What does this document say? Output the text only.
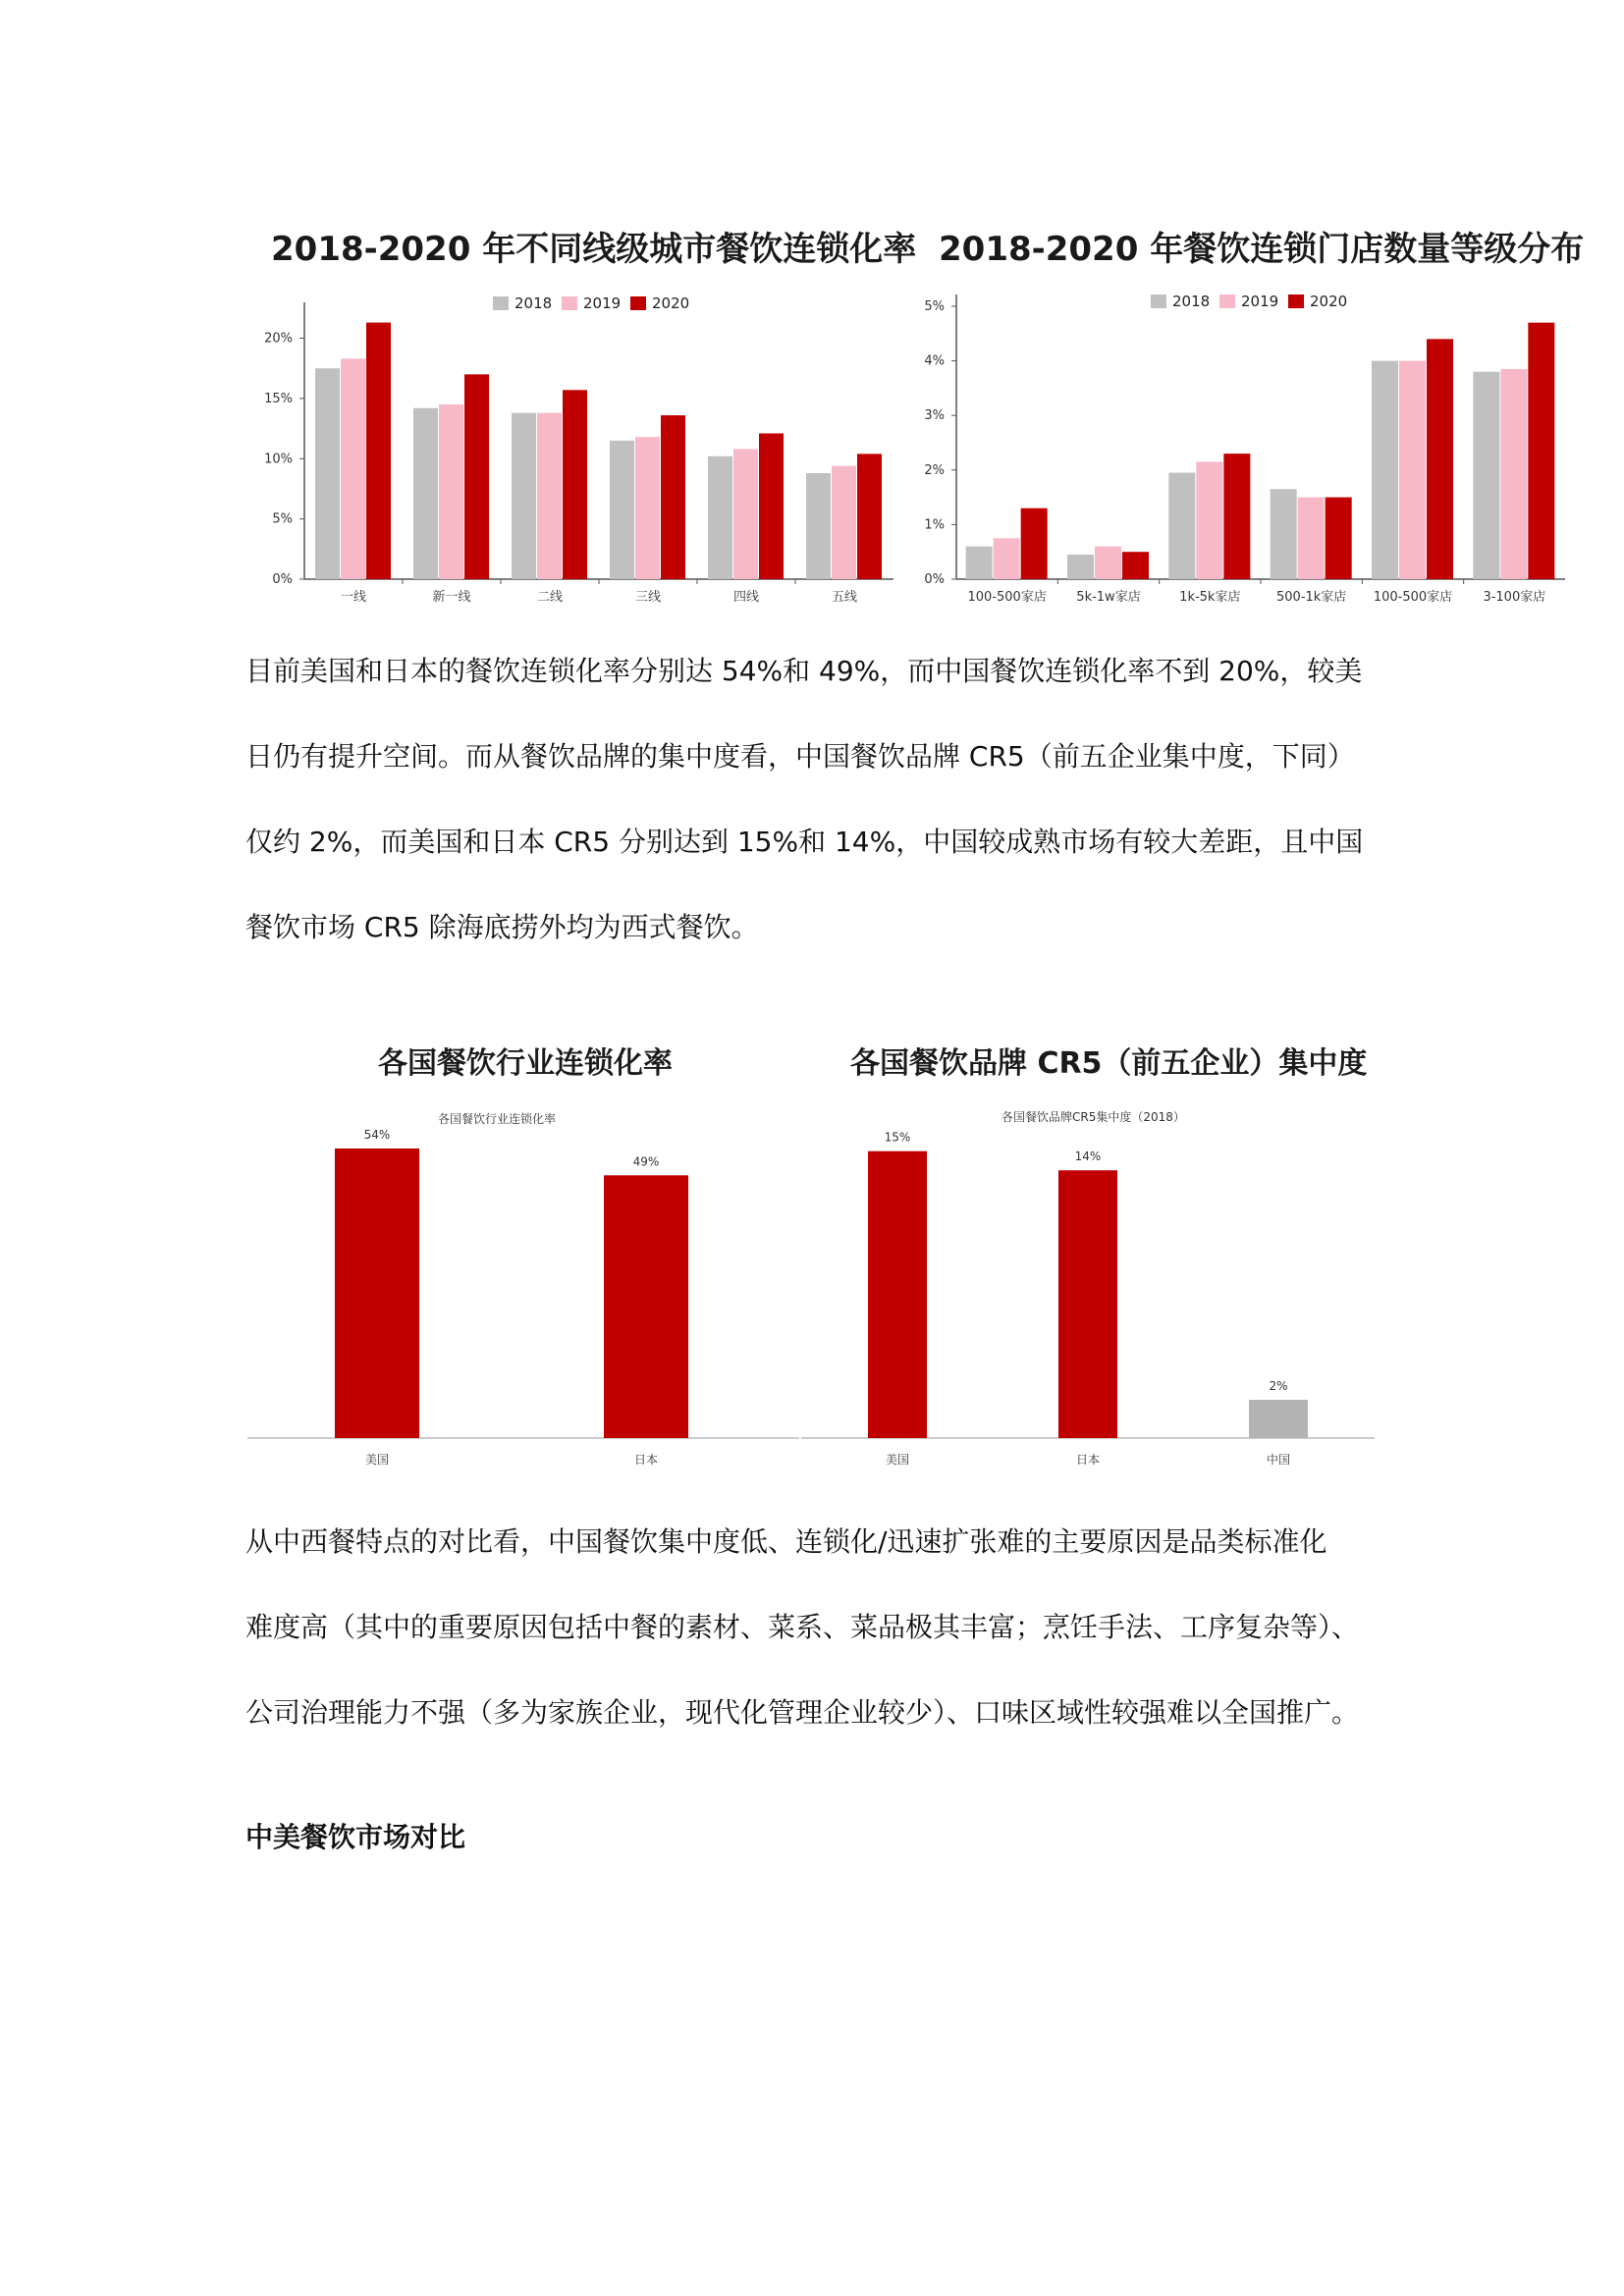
2018-2020 年不同线级城市餐饮连锁化率 2018-2020 年餐饮连锁门店数量等级分布
各国餐饮行业连锁化率	各国餐饮品牌 CR5（前五企业）集中度
2018 2019 2020
0%
5%
10%
15%
20%
一线	新一线	二线	三线	四线	五线
2018 2019 2020
0%
1%
2%
3%
4%
5%
100-500家店 5k-1w家店	1k-5k家店	500-1k家店 100-500家店 3-100家店
各国餐饮行业连锁化率
54%
美国
49%
日本
各国餐饮品牌CR5集中度（2018）
15%
美国
14%
日本
2%
中国

目前美国和日本的餐饮连锁化率分别达 54%和 49%，而中国餐饮连锁化率不到 20%，较美
日仍有提升空间。而从餐饮品牌的集中度看，中国餐饮品牌 CR5（前五企业集中度，下同）
仅约 2%，而美国和日本 CR5 分别达到 15%和 14%，中国较成熟市场有较大差距，且中国
餐饮市场 CR5 除海底捞外均为西式餐饮。

从中西餐特点的对比看，中国餐饮集中度低、连锁化/迅速扩张难的主要原因是品类标准化
难度高（其中的重要原因包括中餐的素材、菜系、菜品极其丰富；烹饪手法、工序复杂等）、
公司治理能力不强（多为家族企业，现代化管理企业较少）、口味区域性较强难以全国推广。

中美餐饮市场对比
